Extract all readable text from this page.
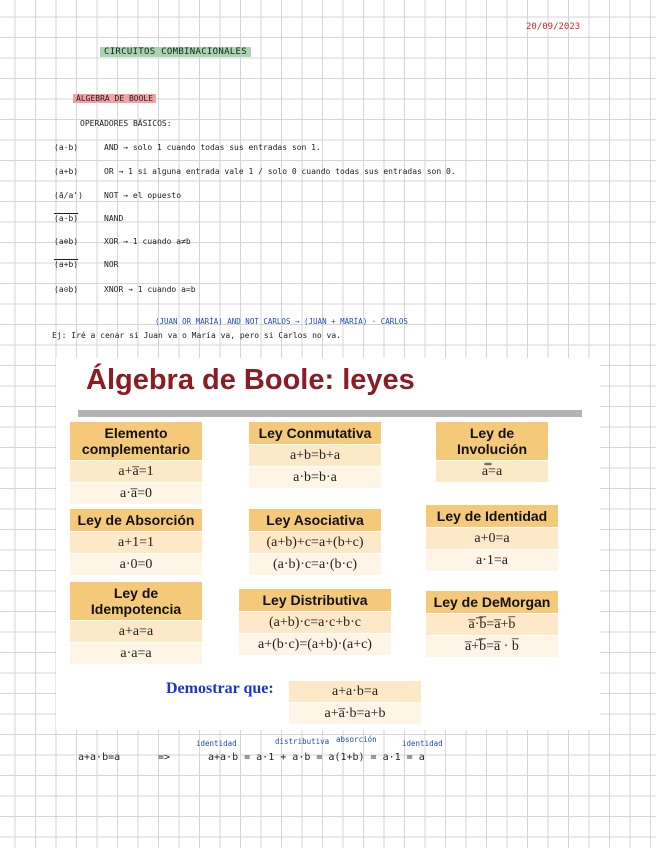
20/09/2023
CIRCUITOS COMBINACIONALES
ÁLGEBRA DE BOOLE
OPERADORES BÁSICOS:
(a·b)	AND → solo 1 cuando todas sus entradas son 1.
(a+b)	OR → 1 si alguna entrada vale 1 / solo 0 cuando todas sus entradas son 0.
(ā/a')	NOT → el opuesto
(a·b)	NAND
(a⊕b)	XOR → 1 cuando a≠b
(a+b)	NOR
(a⊙b)	XNOR → 1 cuando a=b
(JUAN OR MARÍA) AND NOT CARLOS → (JUAN + MARÍA) · CARLOS
Ej: Iré a cenar si Juan va o María va, pero si Carlos no va.
Álgebra de Boole: leyes
Elemento complementario
a+a̅=1
a·a̅=0
Ley Conmutativa
a+b=b+a
a·b=b·a
Ley de Involución
a̿=a
Ley de Absorción
a+1=1
a·0=0
Ley Asociativa
(a+b)+c=a+(b+c)
(a·b)·c=a·(b·c)
Ley de Identidad
a+0=a
a·1=a
Ley de Idempotencia
a+a=a
a·a=a
Ley Distributiva
(a+b)·c=a·c+b·c
a+(b·c)=(a+b)·(a+c)
Ley de DeMorgan
a̅·̅b̅=a̅+b̅
a̅+̅b̅=a̅ · b̅
Demostrar que:	a+a·b=a
a+a̅·b=a+b
a+a·b=a	=>	a+a·b = a·1 + a·b = a(1+b) = a·1 = a
identidad	distributiva absorción	identidad
